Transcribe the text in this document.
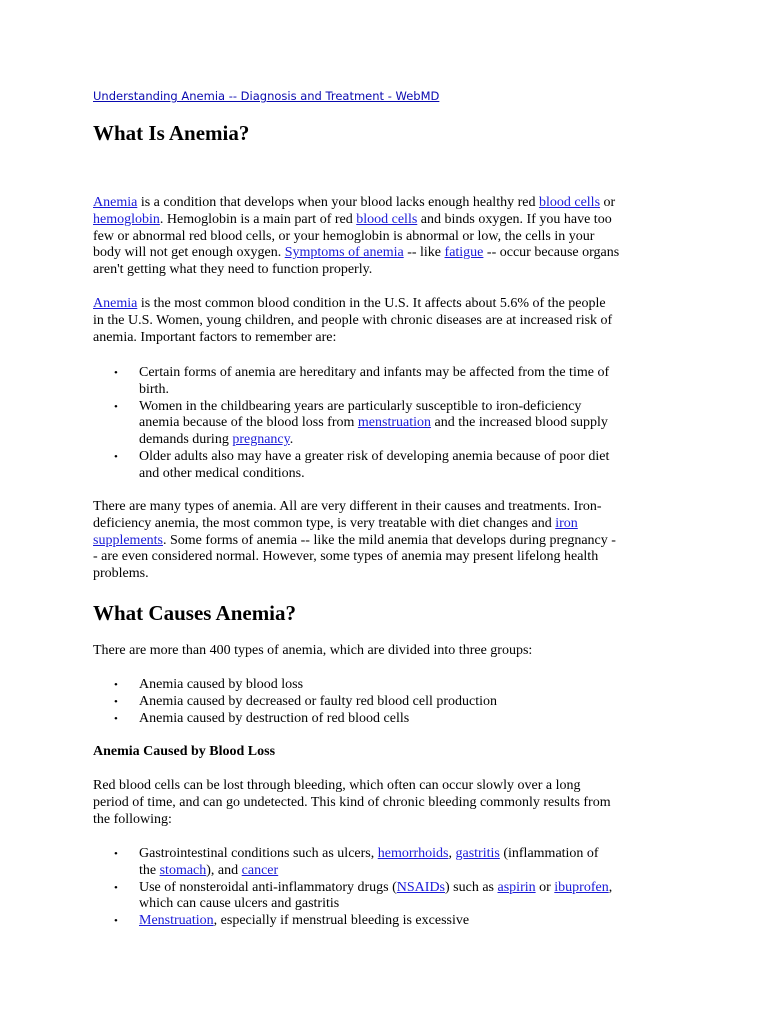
Understanding Anemia -- Diagnosis and Treatment - WebMD
What Is Anemia?
Anemia is a condition that develops when your blood lacks enough healthy red blood cells or
hemoglobin. Hemoglobin is a main part of red blood cells and binds oxygen. If you have too
few or abnormal red blood cells, or your hemoglobin is abnormal or low, the cells in your
body will not get enough oxygen. Symptoms of anemia -- like fatigue -- occur because organs
aren't getting what they need to function properly.
Anemia is the most common blood condition in the U.S. It affects about 5.6% of the people
in the U.S. Women, young children, and people with chronic diseases are at increased risk of
anemia. Important factors to remember are:
• Certain forms of anemia are hereditary and infants may be affected from the time of
birth.
• Women in the childbearing years are particularly susceptible to iron-deficiency
anemia because of the blood loss from menstruation and the increased blood supply
demands during pregnancy.
• Older adults also may have a greater risk of developing anemia because of poor diet
and other medical conditions.
There are many types of anemia. All are very different in their causes and treatments. Iron-
deficiency anemia, the most common type, is very treatable with diet changes and iron
supplements. Some forms of anemia -- like the mild anemia that develops during pregnancy -
- are even considered normal. However, some types of anemia may present lifelong health
problems.
What Causes Anemia?
There are more than 400 types of anemia, which are divided into three groups:
• Anemia caused by blood loss
• Anemia caused by decreased or faulty red blood cell production
• Anemia caused by destruction of red blood cells
Anemia Caused by Blood Loss
Red blood cells can be lost through bleeding, which often can occur slowly over a long
period of time, and can go undetected. This kind of chronic bleeding commonly results from
the following:
• Gastrointestinal conditions such as ulcers, hemorrhoids, gastritis (inflammation of
the stomach), and cancer
• Use of nonsteroidal anti-inflammatory drugs (NSAIDs) such as aspirin or ibuprofen,
which can cause ulcers and gastritis
• Menstruation, especially if menstrual bleeding is excessive
